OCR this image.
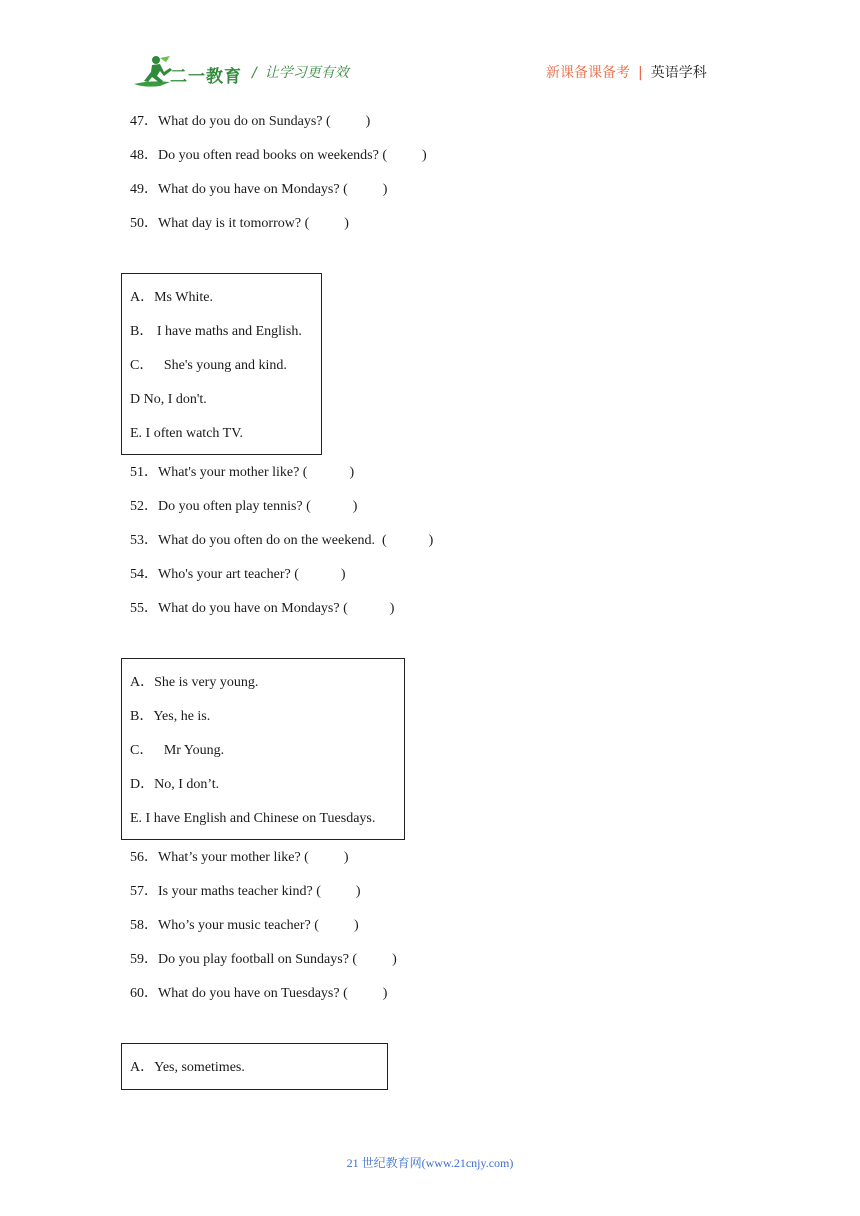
二一教育 / 让学习更有效	新课备课备考 | 英语学科
47．What do you do on Sundays? (          )
48．Do you often read books on weekends? (          )
49．What do you have on Mondays? (          )
50．What day is it tomorrow? (          )
A．Ms White.
B． I have maths and English.
C．   She's young and kind.
D No, I don't.
E. I often watch TV.
51．What's your mother like? (            )
52．Do you often play tennis? (            )
53．What do you often do on the weekend.  (            )
54．Who's your art teacher? (            )
55．What do you have on Mondays? (            )
A．She is very young.
B．Yes, he is.
C．   Mr Young.
D．No, I don’t.
E. I have English and Chinese on Tuesdays.
56．What’s your mother like? (          )
57．Is your maths teacher kind? (          )
58．Who’s your music teacher? (          )
59．Do you play football on Sundays? (          )
60．What do you have on Tuesdays? (          )
A．Yes, sometimes.
21 世纪教育网(www.21cnjy.com)
